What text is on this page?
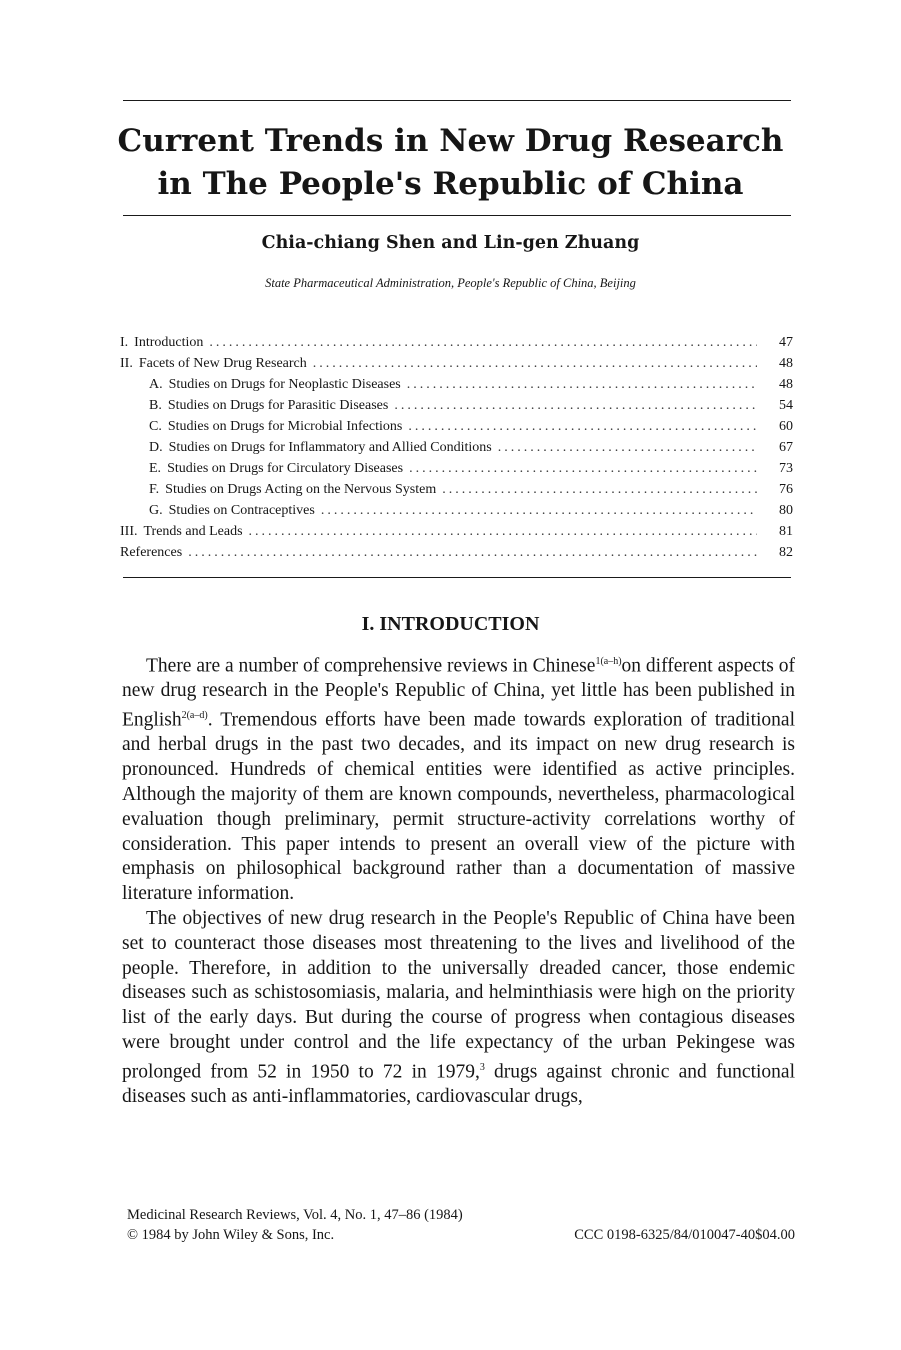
Current Trends in New Drug Research
in The People's Republic of China
Chia-chiang Shen and Lin-gen Zhuang
State Pharmaceutical Administration, People's Republic of China, Beijing
I. Introduction .....	47
II. Facets of New Drug Research .....	48
A. Studies on Drugs for Neoplastic Diseases .....	48
B. Studies on Drugs for Parasitic Diseases .....	54
C. Studies on Drugs for Microbial Infections .....	60
D. Studies on Drugs for Inflammatory and Allied Conditions .....	67
E. Studies on Drugs for Circulatory Diseases .....	73
F. Studies on Drugs Acting on the Nervous System .....	76
G. Studies on Contraceptives .....	80
III. Trends and Leads .....	81
References .....	82
I. INTRODUCTION

There are a number of comprehensive reviews in Chinese$^{1(a-h)}$on different aspects of new drug research in the People's Republic of China, yet little has been published in English$^{2(a-d)}$. Tremendous efforts have been made towards exploration of traditional and herbal drugs in the past two decades, and its impact on new drug research is pronounced. Hundreds of chemical entities were identified as active principles. Although the majority of them are known compounds, nevertheless, pharmacological evaluation though preliminary, permit structure-activity correlations worthy of consideration. This paper intends to present an overall view of the picture with emphasis on philosophical background rather than a documentation of massive literature information.

The objectives of new drug research in the People's Republic of China have been set to counteract those diseases most threatening to the lives and livelihood of the people. Therefore, in addition to the universally dreaded cancer, those endemic diseases such as schistosomiasis, malaria, and helminthiasis were high on the priority list of the early days. But during the course of progress when contagious diseases were brought under control and the life expectancy of the urban Pekingese was prolonged from 52 in 1950 to 72 in 1979,$^3$ drugs against chronic and functional diseases such as anti-inflammatories, cardiovascular drugs,

Medicinal Research Reviews, Vol. 4, No. 1, 47–86 (1984)
© 1984 by John Wiley & Sons, Inc.	CCC 0198-6325/84/010047-40$04.00
